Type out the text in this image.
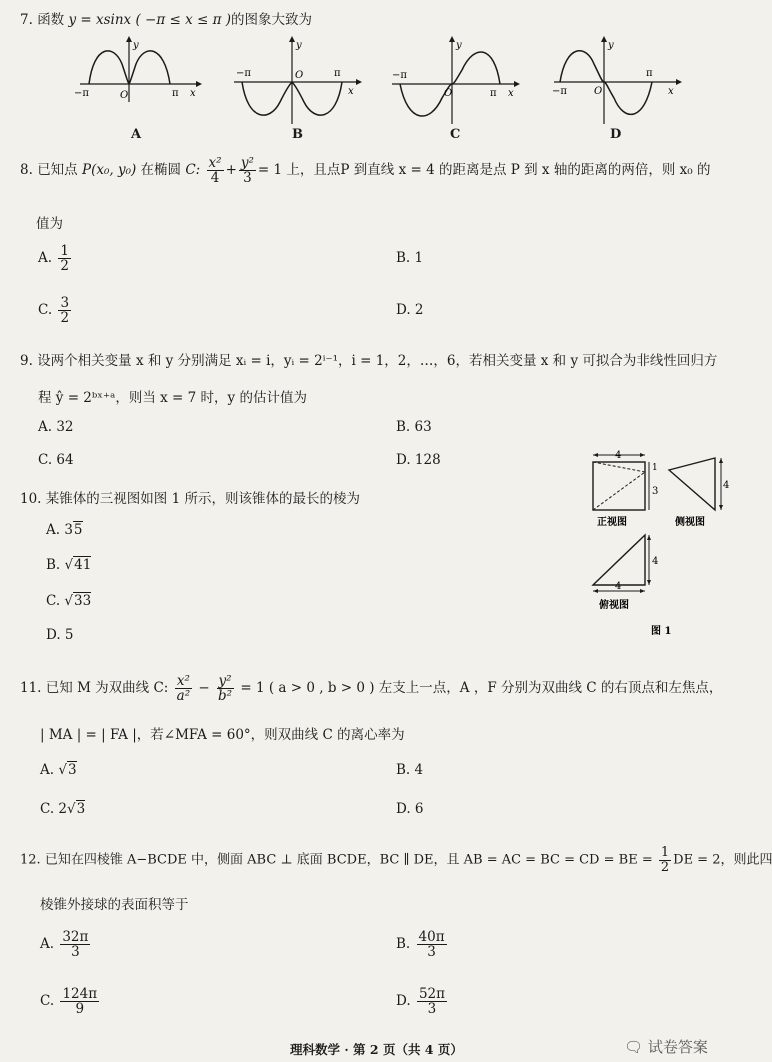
7. 函数 y = xsinx ( −π ≤ x ≤ π )的图象大致为
−π	O	π x
y
A
−π	O	π
x
y
B
−π
O	π x
y
C
−π	O
π
x
y
D
8. 已知点 P(x₀, y₀) 在椭圆 C: $\frac{\text{x²}}{4} + \frac{\text{y²}}{3} = 1$ 上，且点P 到直线 x = 4 的距离是点 P 到 x 轴的距离的两倍，则 x₀ 的
值为
A. $\frac{1}{2}$	B. 1
C. $\frac{3}{2}$	D. 2
9. 设两个相关变量 x 和 y 分别满足 xᵢ = i，yᵢ = 2ⁱ⁻¹，i = 1，2，…，6，若相关变量 x 和 y 可拟合为非线性回归方
程 ŷ = 2ᵇˣ⁺ᵃ，则当 x = 7 时，y 的估计值为
A. 32	B. 63
C. 64	D. 128
10. 某锥体的三视图如图 1 所示，则该锥体的最长的棱为
A. 35
B. √41
C. √33
D. 5
4
1
3
正视图
4
侧视图
4
4
俯视图
图 1
11. 已知 M 为双曲线 C: $\frac{\text{x²}}{\text{a²}} - \frac{\text{y²}}{\text{b²}} = 1$ ( a > 0 , b > 0 ) 左支上一点，A ，F 分别为双曲线 C 的右顶点和左焦点，
| MA | = | FA |，若∠MFA = 60°，则双曲线 C 的离心率为
A. √3	B. 4
C. 2√3	D. 6
12. 已知在四棱锥 A−BCDE 中，侧面 ABC ⊥ 底面 BCDE，BC ∥ DE，且 AB = AC = BC = CD = BE = $\frac{1}{2}$ DE = 2，则此四
棱锥外接球的表面积等于
A. $\frac{32\pi}{3}$	B. $\frac{40\pi}{3}$
C. $\frac{124\pi}{9}$	D. $\frac{52\pi}{3}$
理科数学 · 第 2 页（共 4 页）	🗨 试卷答案
